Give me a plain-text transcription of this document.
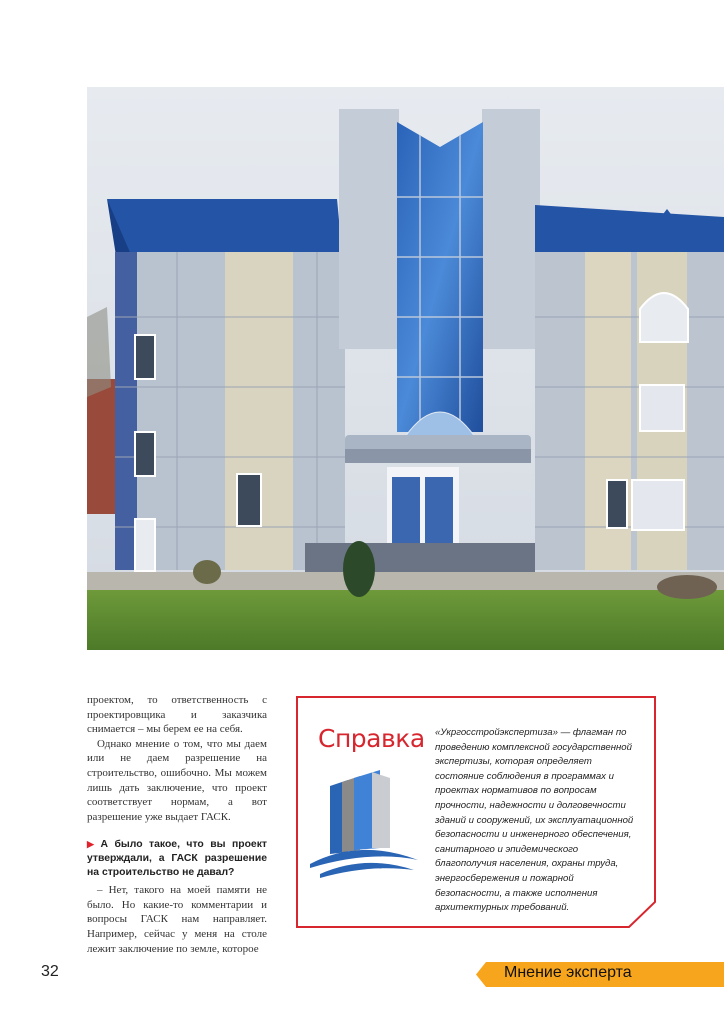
проектом, то ответственность с проектировщика и заказчика снимается – мы берем ее на себя.

Однако мнение о том, что мы даем или не даем разрешение на строительство, ошибочно. Мы можем лишь дать заключение, что проект соответствует нормам, а вот разрешение уже выдает ГАСК.

▶ А было такое, что вы проект утверждали, а ГАСК разрешение на строительство не давал?

– Нет, такого на моей памяти не было. Но какие-то комментарии и вопросы ГАСК нам направляет. Например, сейчас у меня на столе лежит заключение по земле, которое

Справка «Укргосстройэкспертиза» — флагман по проведению комплексной государственной экспертизы, которая определяет состояние соблюдения в программах и проектах нормативов по вопросам прочности, надежности и долговечности зданий и сооружений, их эксплуатационной безопасности и инженерного обеспечения, санитарного и эпидемического благополучия населения, охраны труда, энергосбережения и пожарной безопасности, а также исполнения архитектурных требований.
32	Мнение эксперта
